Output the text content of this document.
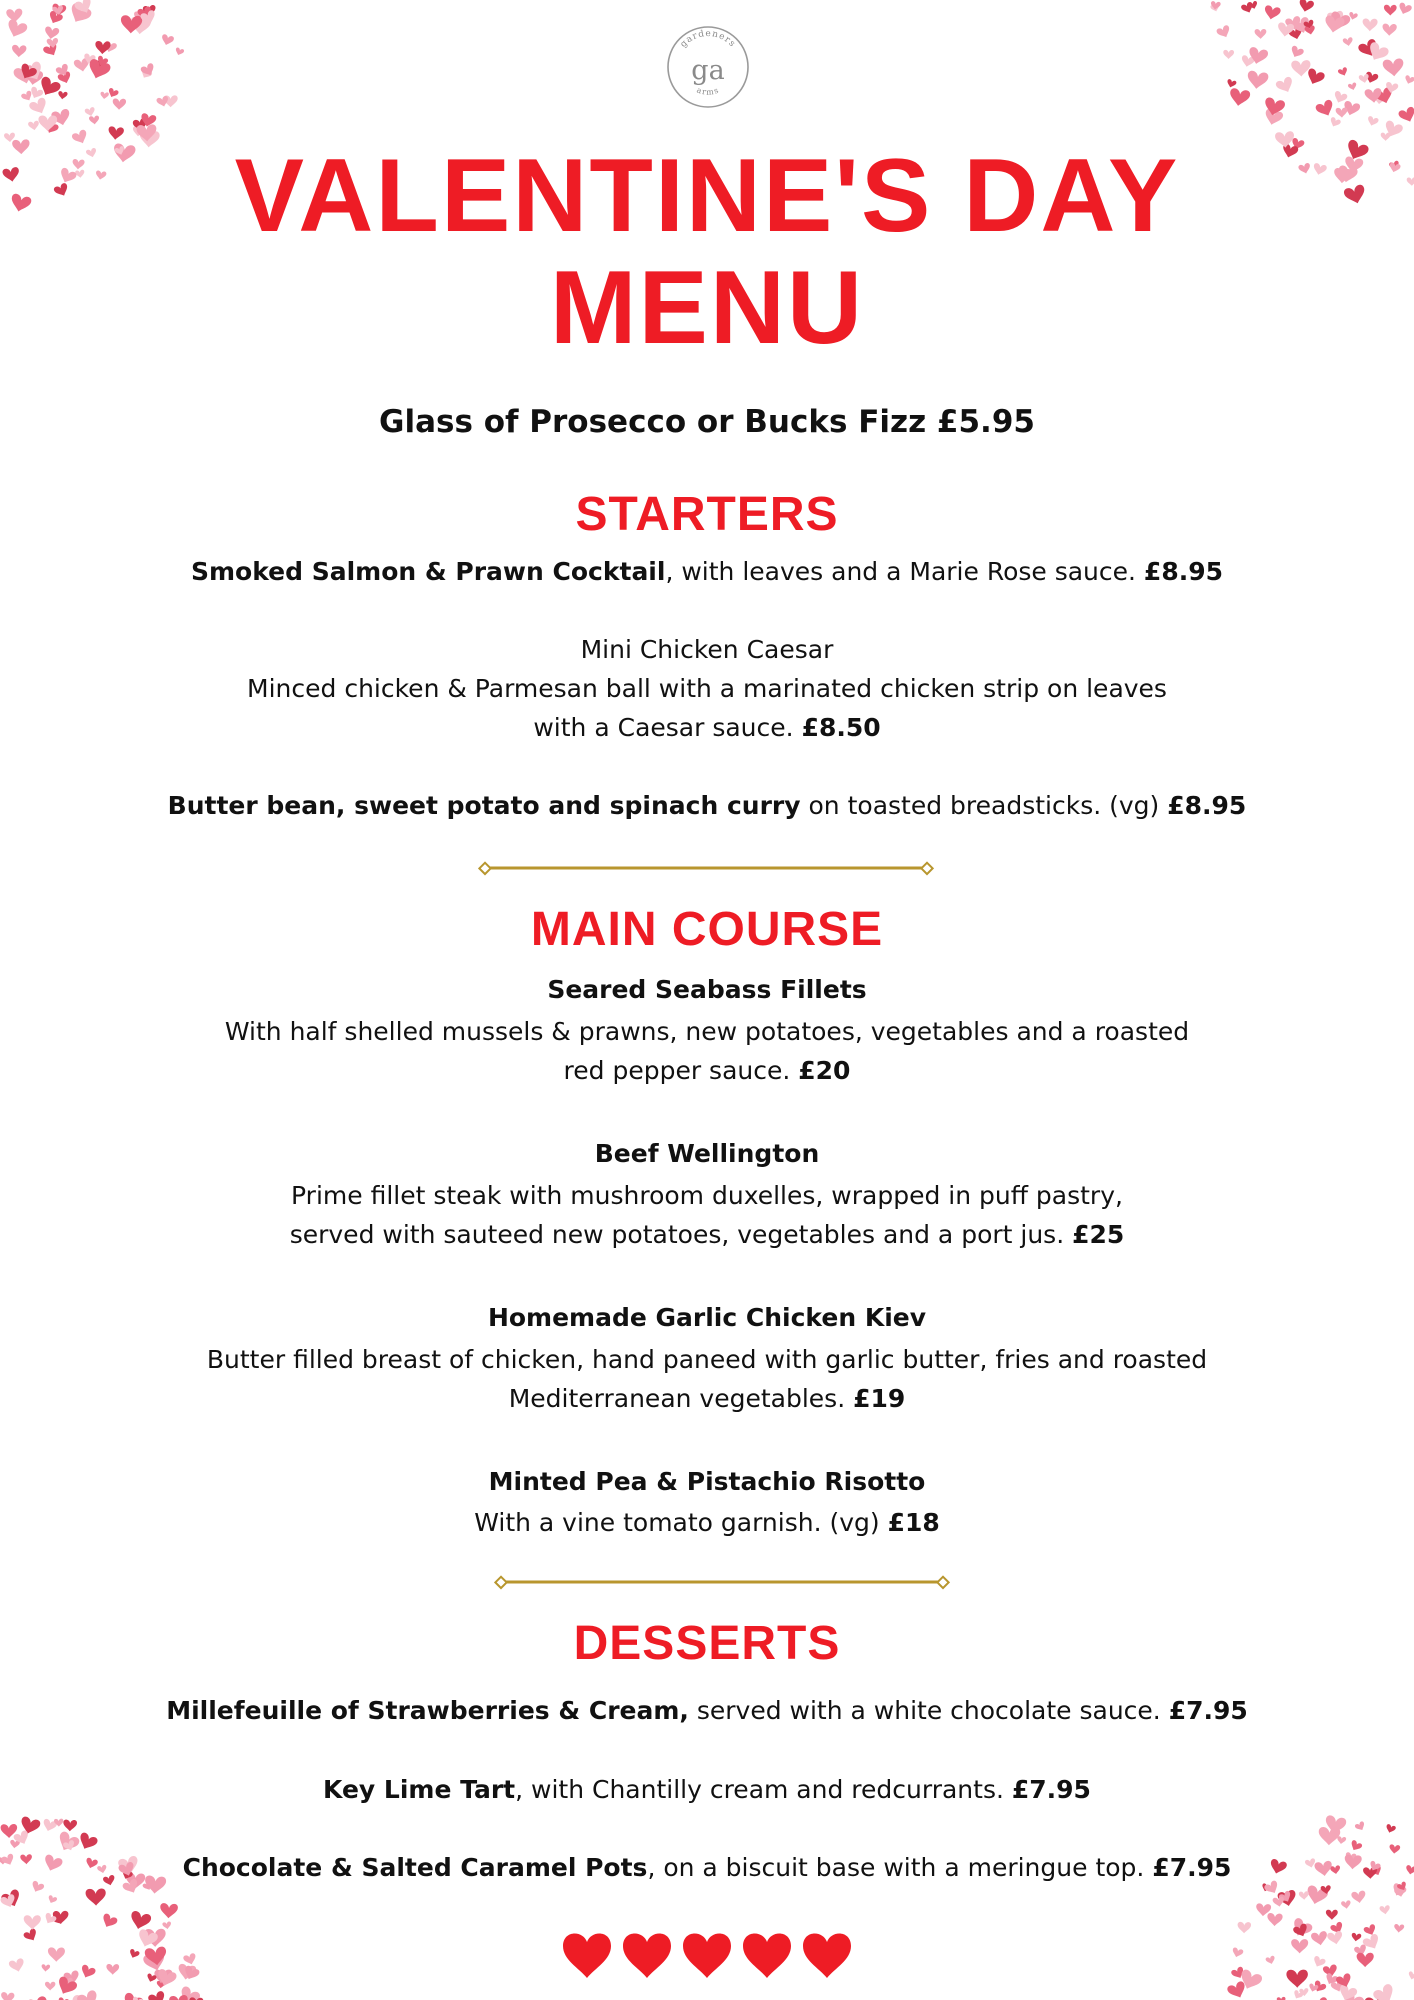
gardeners
ga
arms
VALENTINE'S DAY
MENU

Glass of Prosecco or Bucks Fizz £5.95

STARTERS

Smoked Salmon & Prawn Cocktail, with leaves and a Marie Rose sauce. £8.95

Mini Chicken Caesar

Minced chicken & Parmesan ball with a marinated chicken strip on leaves

with a Caesar sauce. £8.50

Butter bean, sweet potato and spinach curry on toasted breadsticks. (vg) £8.95

MAIN COURSE

Seared Seabass Fillets

With half shelled mussels & prawns, new potatoes, vegetables and a roasted

red pepper sauce. £20

Beef Wellington

Prime fillet steak with mushroom duxelles, wrapped in puff pastry,

served with sauteed new potatoes, vegetables and a port jus. £25

Homemade Garlic Chicken Kiev

Butter filled breast of chicken, hand paneed with garlic butter, fries and roasted

Mediterranean vegetables. £19

Minted Pea & Pistachio Risotto

With a vine tomato garnish. (vg) £18

DESSERTS

Millefeuille of Strawberries & Cream, served with a white chocolate sauce. £7.95

Key Lime Tart, with Chantilly cream and redcurrants. £7.95

Chocolate & Salted Caramel Pots, on a biscuit base with a meringue top. £7.95
